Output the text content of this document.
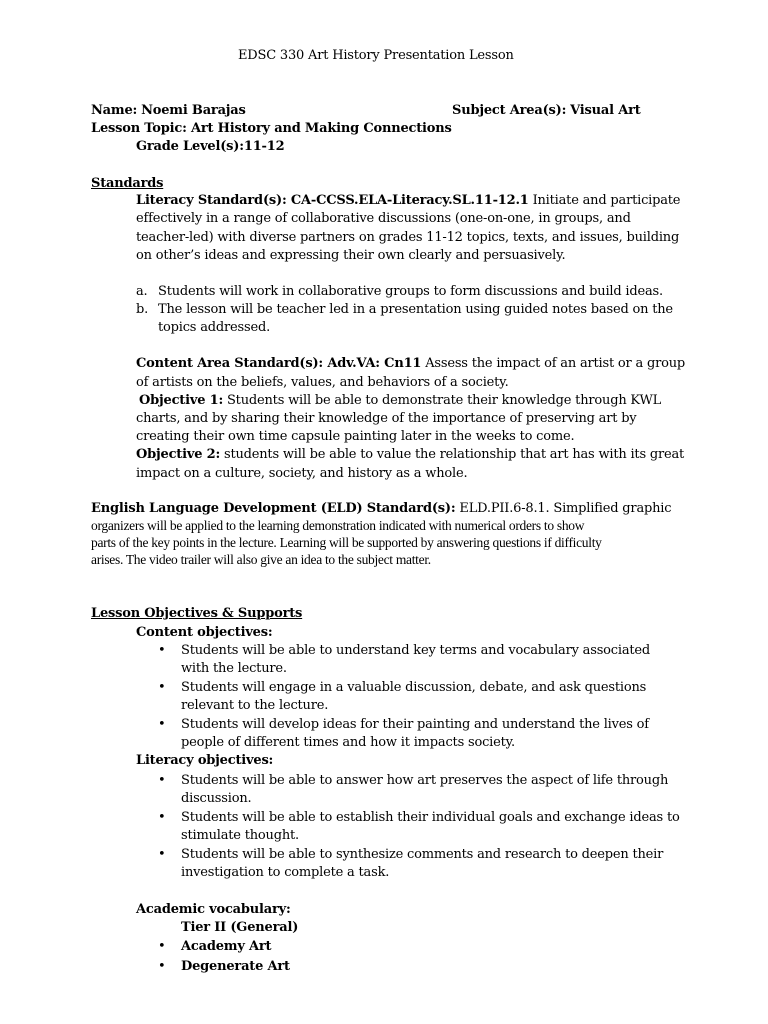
EDSC 330 Art History Presentation Lesson
Name: Noemi Barajas	Subject Area(s): Visual Art
Lesson Topic: Art History and Making Connections
Grade Level(s):11-12
Standards
Literacy Standard(s): CA-CCSS.ELA-Literacy.SL.11-12.1 Initiate and participate
effectively in a range of collaborative discussions (one-on-one, in groups, and
teacher-led) with diverse partners on grades 11-12 topics, texts, and issues, building
on other’s ideas and expressing their own clearly and persuasively.
a. Students will work in collaborative groups to form discussions and build ideas.
b. The lesson will be teacher led in a presentation using guided notes based on the
topics addressed.
Content Area Standard(s): Adv.VA: Cn11 Assess the impact of an artist or a group
of artists on the beliefs, values, and behaviors of a society.
Objective 1: Students will be able to demonstrate their knowledge through KWL
charts, and by sharing their knowledge of the importance of preserving art by
creating their own time capsule painting later in the weeks to come.
Objective 2: students will be able to value the relationship that art has with its great
impact on a culture, society, and history as a whole.
English Language Development (ELD) Standard(s): ELD.PII.6-8.1. Simplified graphic
organizers will be applied to the learning demonstration indicated with numerical orders to show
parts of the key points in the lecture. Learning will be supported by answering questions if difficulty
arises. The video trailer will also give an idea to the subject matter.
Lesson Objectives & Supports
Content objectives:
• Students will be able to understand key terms and vocabulary associated
with the lecture.
• Students will engage in a valuable discussion, debate, and ask questions
relevant to the lecture.
• Students will develop ideas for their painting and understand the lives of
people of different times and how it impacts society.
Literacy objectives:
• Students will be able to answer how art preserves the aspect of life through
discussion.
• Students will be able to establish their individual goals and exchange ideas to
stimulate thought.
• Students will be able to synthesize comments and research to deepen their
investigation to complete a task.
Academic vocabulary:
Tier II (General)
• Academy Art
• Degenerate Art
